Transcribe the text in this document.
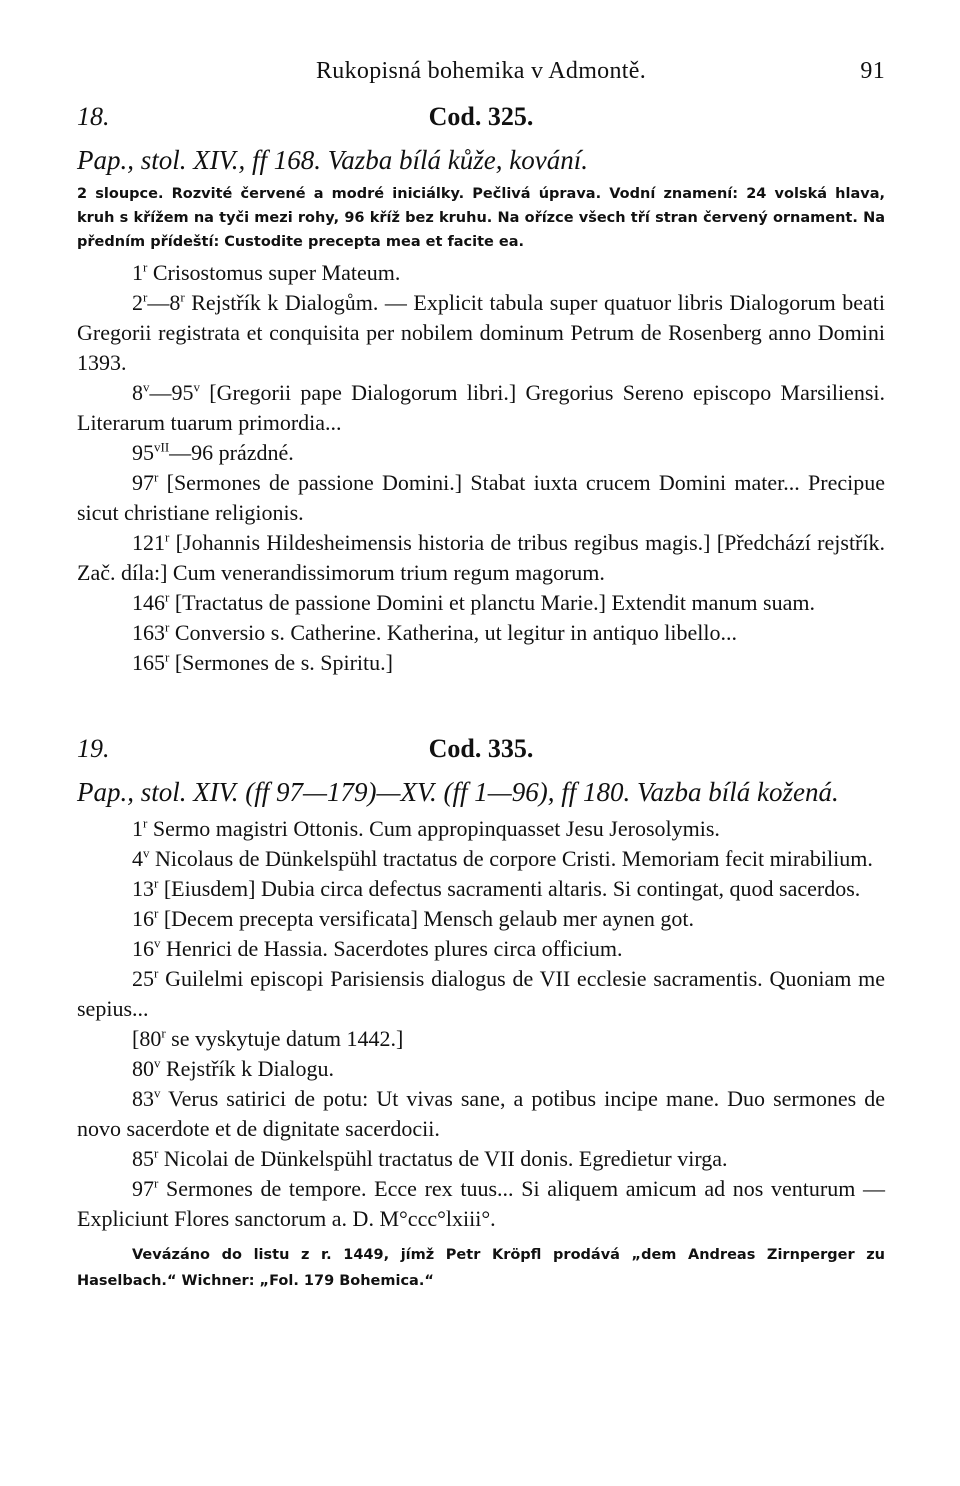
Rukopisná bohemika v Admontě.	91
18.	Cod. 325.
Pap., stol. XIV., ff 168. Vazba bílá kůže, kování.
2 sloupce. Rozvité červené a modré iniciálky. Pečlivá úprava. Vodní znamení: 24 volská hlava, kruh s křížem na tyči mezi rohy, 96 kříž bez kruhu. Na ořízce všech tří stran červený ornament. Na předním přídeští: Custodite precepta mea et facite ea.

1$^r$ Crisostomus super Mateum.

2$^r$—8$^r$ Rejstřík k Dialogům. — Explicit tabula super quatuor libris Dialogorum beati Gregorii registrata et conquisita per nobilem dominum Petrum de Rosenberg anno Domini 1393.

8$^v$—95$^v$ [Gregorii pape Dialogorum libri.] Gregorius Sereno episcopo Marsiliensi. Literarum tuarum primordia...

$95^{vII}—96$ prázdné.

97$^r$ [Sermones de passione Domini.] Stabat iuxta crucem Domini mater... Precipue sicut christiane religionis.

121$^r$ [Johannis Hildesheimensis historia de tribus regibus magis.] [Předchází rejstřík. Zač. díla:] Cum venerandissimorum trium regum magorum.

146$^r$ [Tractatus de passione Domini et planctu Marie.] Extendit manum suam.

163$^r$ Conversio s. Catherine. Katherina, ut legitur in antiquo libello...

165$^r$ [Sermones de s. Spiritu.]

19.	Cod. 335.
Pap., stol. XIV. (ff 97—179)—XV. (ff 1—96), ff 180. Vazba bílá kožená.

1$^r$ Sermo magistri Ottonis. Cum appropinquasset Jesu Jerosolymis.

4$^v$ Nicolaus de Dünkelspühl tractatus de corpore Cristi. Memoriam fecit mirabilium.

13$^r$ [Eiusdem] Dubia circa defectus sacramenti altaris. Si contingat, quod sacerdos.

16$^r$ [Decem precepta versificata] Mensch gelaub mer aynen got.

16$^v$ Henrici de Hassia. Sacerdotes plures circa officium.

25$^r$ Guilelmi episcopi Parisiensis dialogus de VII ecclesie sacramentis. Quoniam me sepius...

[80$^r$ se vyskytuje datum 1442.]

80$^v$ Rejstřík k Dialogu.

83$^v$ Verus satirici de potu: Ut vivas sane, a potibus incipe mane. Duo sermones de novo sacerdote et de dignitate sacerdocii.

85$^r$ Nicolai de Dünkelspühl tractatus de VII donis. Egredietur virga.

97$^r$ Sermones de tempore. Ecce rex tuus... Si aliquem amicum ad nos venturum — Expliciunt Flores sanctorum a. D. M°ccc°lxiii°.

Vevázáno do listu z r. 1449, jímž Petr Kröpfl prodává „dem Andreas Zirnperger zu Haselbach.“ Wichner: „Fol. 179 Bohemica.“
